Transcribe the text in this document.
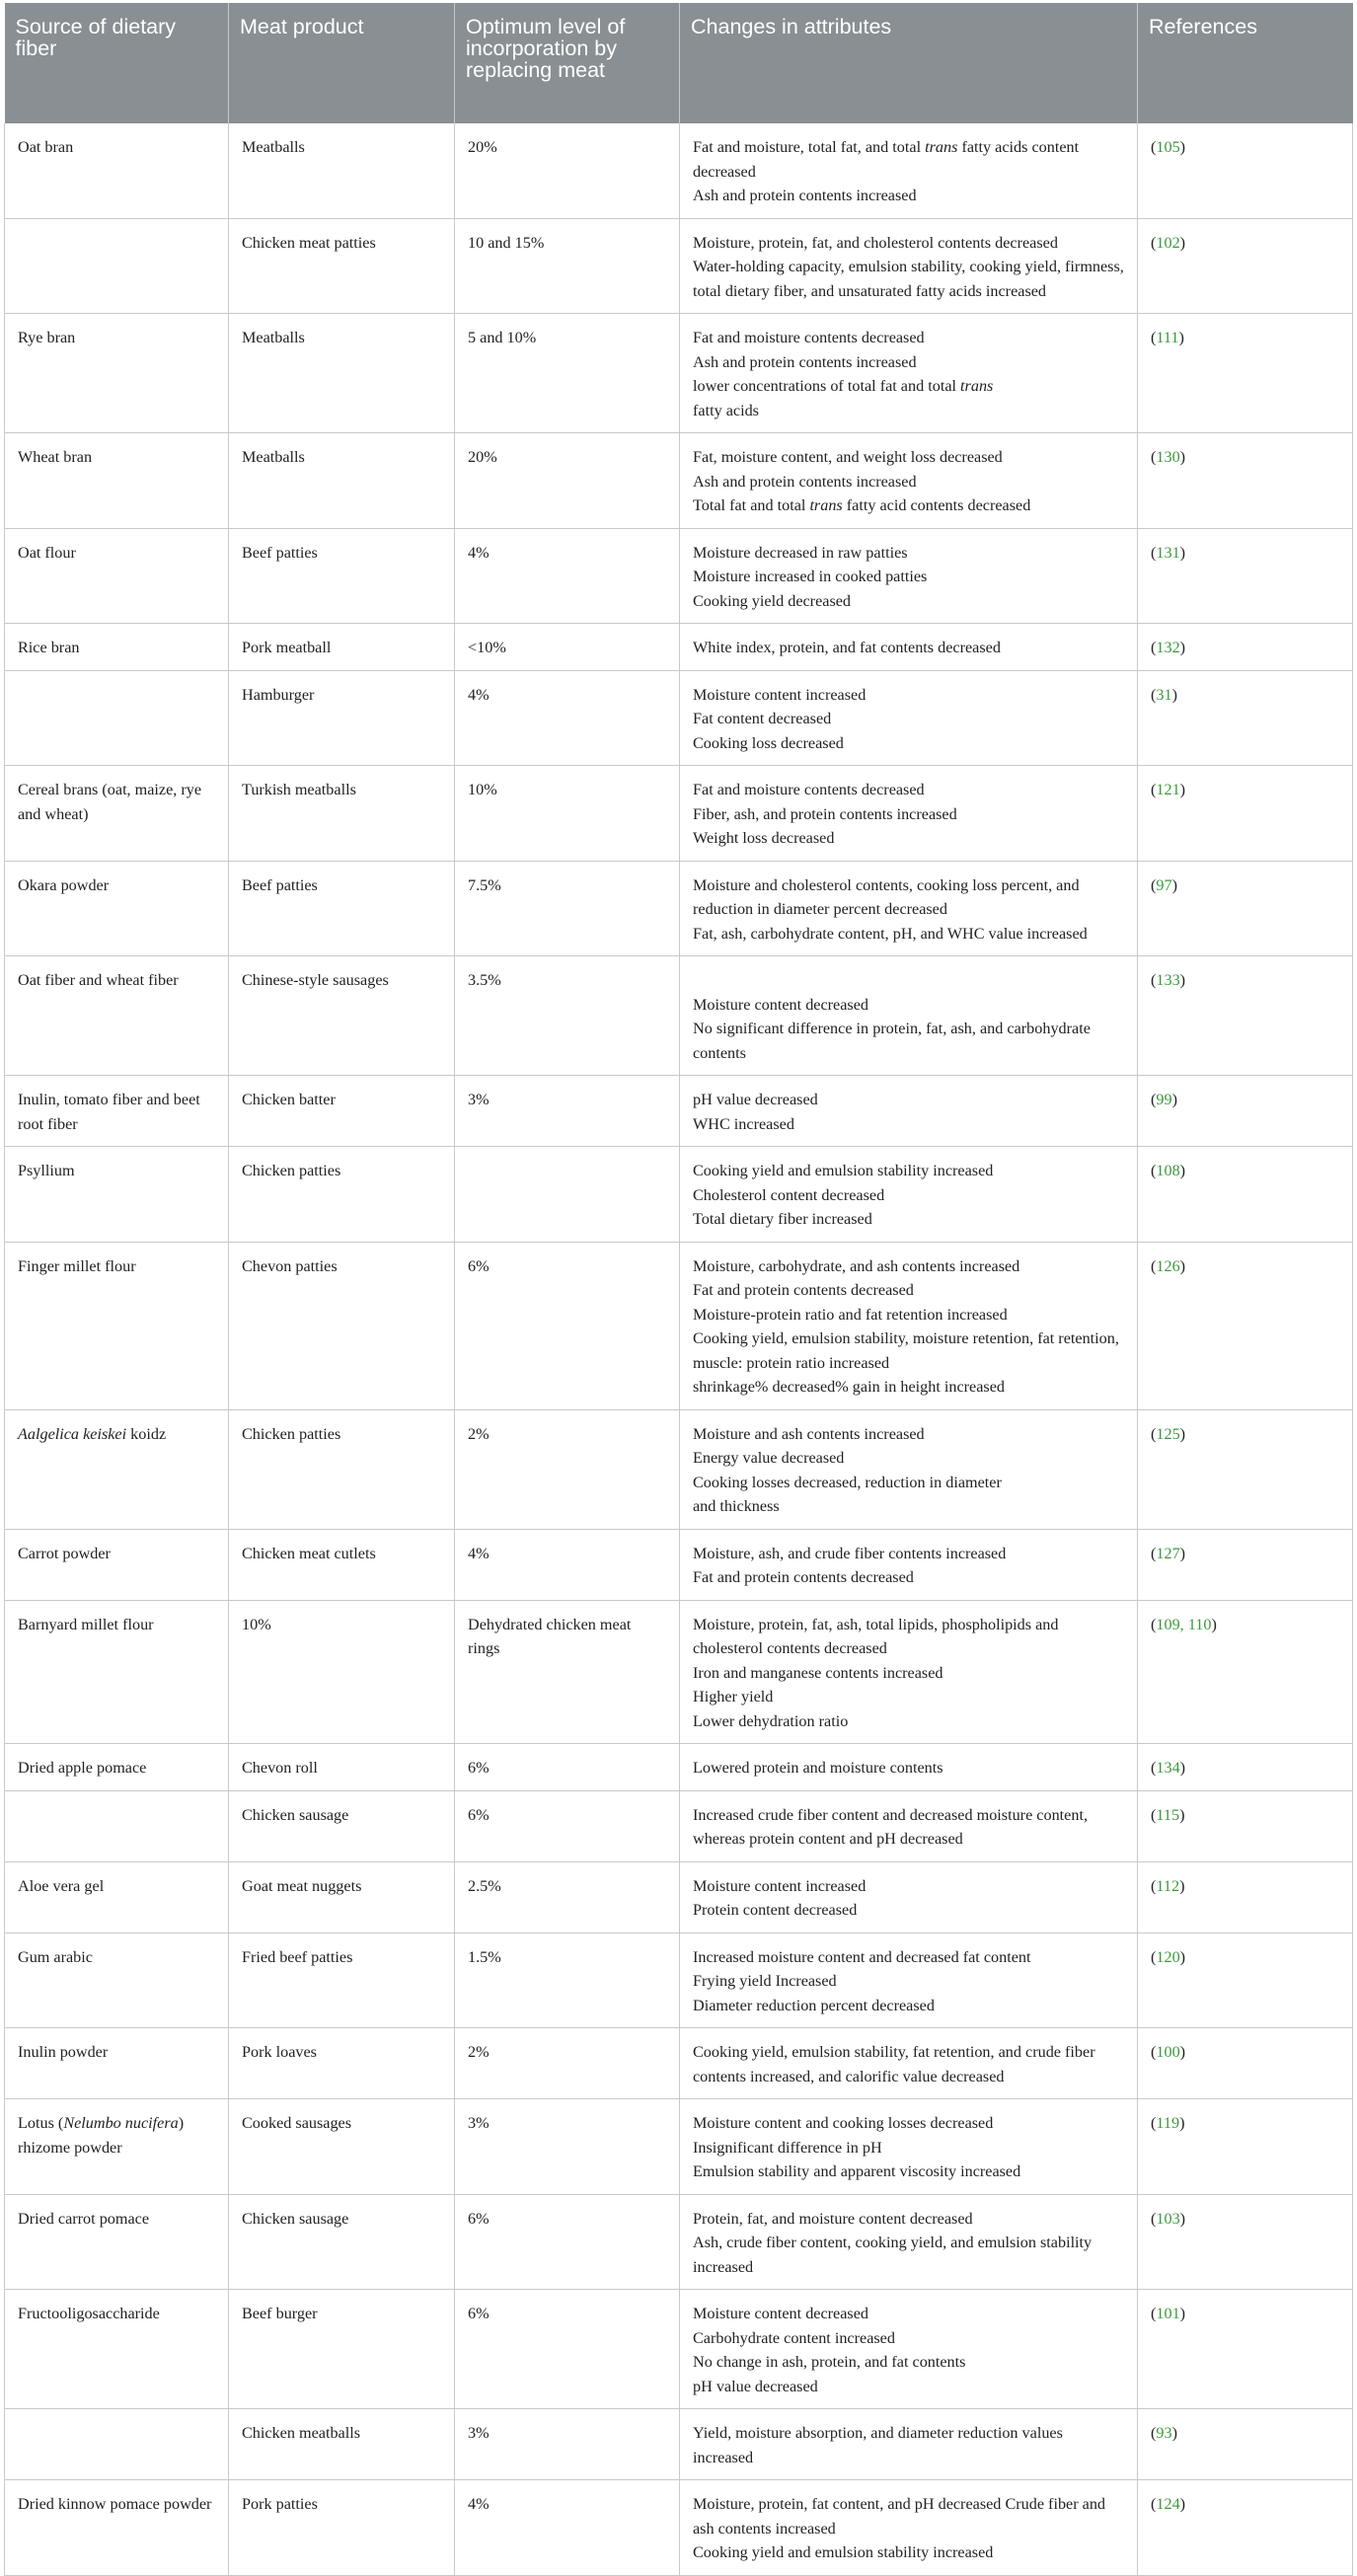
Source of dietary fiber	Meat product	Optimum level of incorporation by replacing meat	Changes in attributes	References
Oat bran	Meatballs	20%	Fat and moisture, total fat, and total trans fatty acids content decreased
Ash and protein contents increased	(105)
	Chicken meat patties	10 and 15%	Moisture, protein, fat, and cholesterol contents decreased
Water-holding capacity, emulsion stability, cooking yield, firmness, total dietary fiber, and unsaturated fatty acids increased	(102)
Rye bran	Meatballs	5 and 10%	Fat and moisture contents decreased
Ash and protein contents increased
lower concentrations of total fat and total trans
fatty acids	(111)
Wheat bran	Meatballs	20%	Fat, moisture content, and weight loss decreased
Ash and protein contents increased
Total fat and total trans fatty acid contents decreased	(130)
Oat flour	Beef patties	4%	Moisture decreased in raw patties
Moisture increased in cooked patties
Cooking yield decreased	(131)
Rice bran	Pork meatball	<10%	White index, protein, and fat contents decreased	(132)
	Hamburger	4%	Moisture content increased
Fat content decreased
Cooking loss decreased	(31)
Cereal brans (oat, maize, rye and wheat)	Turkish meatballs	10%	Fat and moisture contents decreased
Fiber, ash, and protein contents increased
Weight loss decreased	(121)
Okara powder	Beef patties	7.5%	Moisture and cholesterol contents, cooking loss percent, and reduction in diameter percent decreased
Fat, ash, carbohydrate content, pH, and WHC value increased	(97)
Oat fiber and wheat fiber	Chinese-style sausages	3.5%	Moisture content decreased
No significant difference in protein, fat, ash, and carbohydrate contents	(133)
Inulin, tomato fiber and beet root fiber	Chicken batter	3%	pH value decreased
WHC increased	(99)
Psyllium	Chicken patties		Cooking yield and emulsion stability increased
Cholesterol content decreased
Total dietary fiber increased	(108)
Finger millet flour	Chevon patties	6%	Moisture, carbohydrate, and ash contents increased
Fat and protein contents decreased
Moisture-protein ratio and fat retention increased
Cooking yield, emulsion stability, moisture retention, fat retention, muscle: protein ratio increased
shrinkage% decreased% gain in height increased	(126)
Aalgelica keiskei koidz	Chicken patties	2%	Moisture and ash contents increased
Energy value decreased
Cooking losses decreased, reduction in diameter
and thickness	(125)
Carrot powder	Chicken meat cutlets	4%	Moisture, ash, and crude fiber contents increased
Fat and protein contents decreased	(127)
Barnyard millet flour	10%	Dehydrated chicken meat rings	Moisture, protein, fat, ash, total lipids, phospholipids and cholesterol contents decreased
Iron and manganese contents increased
Higher yield
Lower dehydration ratio	(109, 110)
Dried apple pomace	Chevon roll	6%	Lowered protein and moisture contents	(134)
	Chicken sausage	6%	Increased crude fiber content and decreased moisture content, whereas protein content and pH decreased	(115)
Aloe vera gel	Goat meat nuggets	2.5%	Moisture content increased
Protein content decreased	(112)
Gum arabic	Fried beef patties	1.5%	Increased moisture content and decreased fat content
Frying yield Increased
Diameter reduction percent decreased	(120)
Inulin powder	Pork loaves	2%	Cooking yield, emulsion stability, fat retention, and crude fiber contents increased, and calorific value decreased	(100)
Lotus (Nelumbo nucifera) rhizome powder	Cooked sausages	3%	Moisture content and cooking losses decreased
Insignificant difference in pH
Emulsion stability and apparent viscosity increased	(119)
Dried carrot pomace	Chicken sausage	6%	Protein, fat, and moisture content decreased
Ash, crude fiber content, cooking yield, and emulsion stability increased	(103)
Fructooligosaccharide	Beef burger	6%	Moisture content decreased
Carbohydrate content increased
No change in ash, protein, and fat contents
pH value decreased	(101)
	Chicken meatballs	3%	Yield, moisture absorption, and diameter reduction values increased	(93)
Dried kinnow pomace powder	Pork patties	4%	Moisture, protein, fat content, and pH decreased Crude fiber and ash contents increased
Cooking yield and emulsion stability increased	(124)
